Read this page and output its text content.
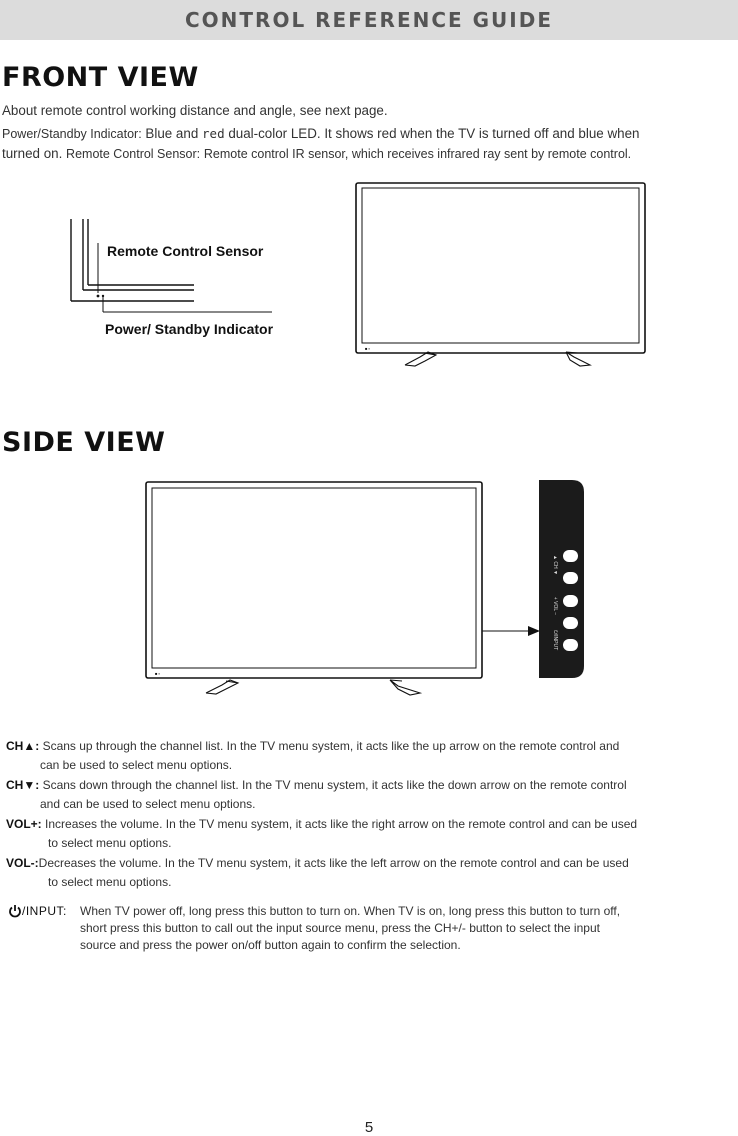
CONTROL REFERENCE GUIDE
FRONT VIEW
About remote control working distance and angle, see next page.
Power/Standby Indicator: Blue and red dual-color LED. It shows red when the TV is turned off and blue when
turned on. Remote Control Sensor: Remote control IR sensor, which receives infrared ray sent by remote control.
Remote Control Sensor
Power/ Standby Indicator
■ ▪
SIDE VIEW
■ ▪
▲ CH ▼
+ VOL −
⏻/INPUT
CH▲: Scans up through the channel list. In the TV menu system, it acts like the up arrow on the remote control and
can be used to select menu options.
CH▼: Scans down through the channel list. In the TV menu system, it acts like the down arrow on the remote control
and can be used to select menu options.
VOL+: Increases the volume. In the TV menu system, it acts like the right arrow on the remote control and can be used
to select menu options.
VOL-:Decreases the volume. In the TV menu system, it acts like the left arrow on the remote control and can be used
to select menu options.
/INPUT: When TV power off, long press this button to turn on. When TV is on, long press this button to turn off,
short press this button to call out the input source menu, press the CH+/- button to select the input
source and press the power on/off button again to confirm the selection.
5
